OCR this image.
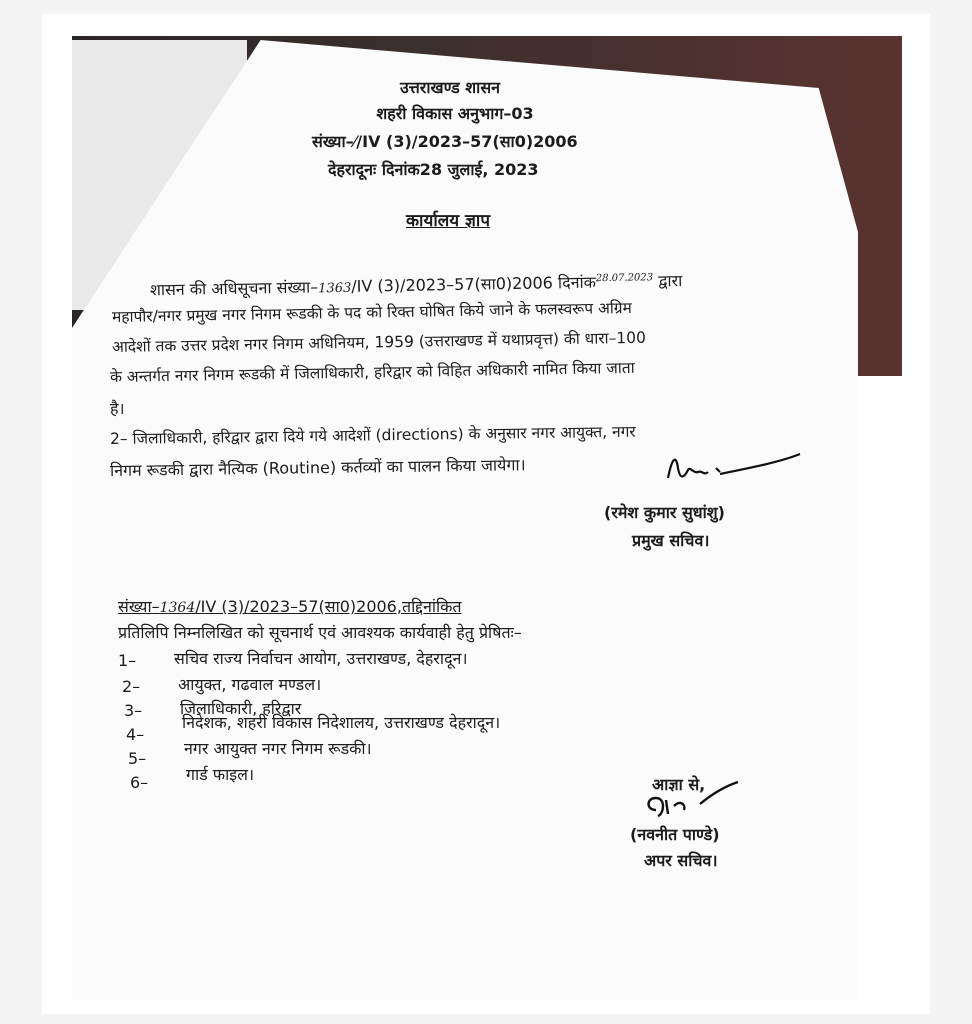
उत्तराखण्ड शासन
शहरी विकास अनुभाग–03
संख्या–⁄/IV (3)/2023–57(सा0)2006
देहरादूनः दिनांक28 जुलाई, 2023
कार्यालय ज्ञाप
शासन की अधिसूचना संख्या–1363/IV (3)/2023–57(सा0)2006 दिनांक$^{28.07.2023}$ द्वारा
महापौर/नगर प्रमुख नगर निगम रूडकी के पद को रिक्त घोषित किये जाने के फलस्वरूप अग्रिम
आदेशों तक उत्तर प्रदेश नगर निगम अधिनियम, 1959 (उत्तराखण्ड में यथाप्रवृत्त) की धारा–100
के अन्तर्गत नगर निगम रूडकी में जिलाधिकारी, हरिद्वार को विहित अधिकारी नामित किया जाता
है।
2– जिलाधिकारी, हरिद्वार द्वारा दिये गये आदेशों (directions) के अनुसार नगर आयुक्त, नगर
निगम रूडकी द्वारा नैत्यिक (Routine) कर्तव्यों का पालन किया जायेगा।
(रमेश कुमार सुधांशु)
प्रमुख सचिव।
संख्या–1364/IV (3)/2023–57(सा0)2006,तद्दिनांकित
प्रतिलिपि निम्नलिखित को सूचनार्थ एवं आवश्यक कार्यवाही हेतु प्रेषितः–
1– सचिव राज्य निर्वाचन आयोग, उत्तराखण्ड, देहरादून।
2– आयुक्त, गढवाल मण्डल।
3– जिलाधिकारी, हरिद्वार
4–
निदेशक, शहरी विकास निदेशालय, उत्तराखण्ड देहरादून।
5–
नगर आयुक्त नगर निगम रूडकी।
6– गार्ड फाइल।
आज्ञा से,
(नवनीत पाण्डे)
अपर सचिव।
